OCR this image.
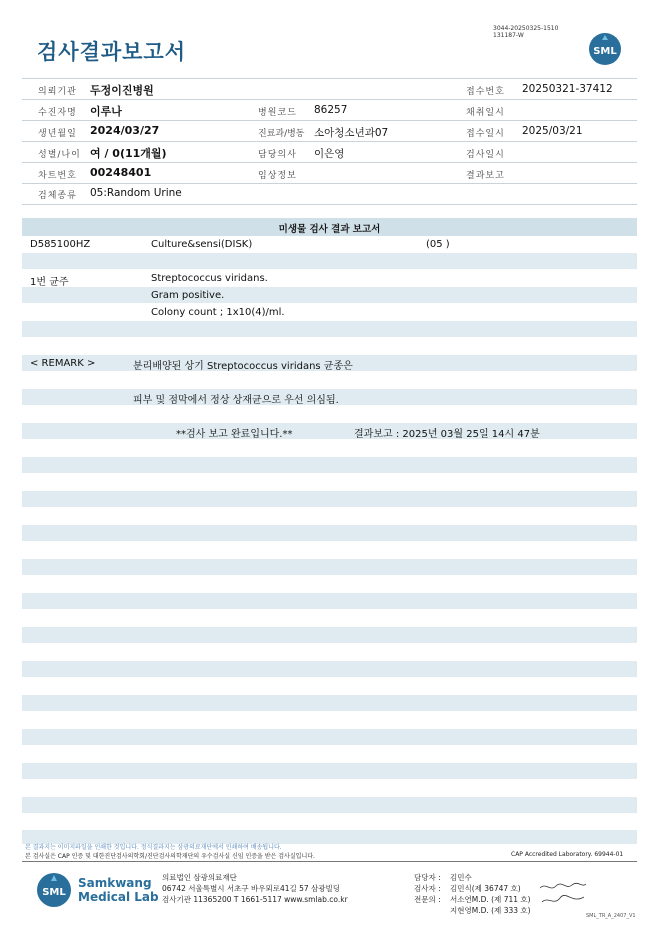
검사결과보고서
3044-20250325-1510
131187-W
SML
의뢰기관 두정이진병원	접수번호 20250321-37412
수진자명 이루나	병원코드 86257	채취일시
생년월일 2024/03/27	진료과/병동 소아청소년과07	접수일시 2025/03/21
성별/나이 여 / 0(11개월)	담당의사 이은영	검사일시
차트번호 00248401	임상정보	결과보고
검체종류 05:Random Urine
미생물 검사 결과 보고서
D585100HZ	Culture&sensi(DISK)	(05 )
1번 균주	Streptococcus viridans.
Gram positive.
Colony count ; 1x10(4)/ml.
< REMARK >	분리배양된 상기 Streptococcus viridans 균종은
피부 및 점막에서 정상 상재균으로 우선 의심됨.
**검사 보고 완료입니다.**	결과보고 : 2025년 03월 25일 14시 47분
본 결과지는 이미지파일을 인쇄한 것입니다. 정식결과지는 삼광의료재단에서 인쇄하여 배송됩니다.
본 검사실은 CAP 인증 및 대한진단검사의학회/진단검사의학재단의 우수검사실 신임 인증을 받은 검사실입니다.	CAP Accredited Laboratory. 69944-01
SML
Samkwang
Medical Lab
의료법인 삼광의료재단
06742 서울특별시 서초구 바우뫼로41길 57 삼광빌딩
검사기관 11365200 T 1661-5117 www.smlab.co.kr
담당자 : 김민수
검사자 : 김민식(제 36747 호)
전문의 : 서소연M.D. (제 711 호)
지현영M.D. (제 333 호)
SML_TR_A_2407_V1
